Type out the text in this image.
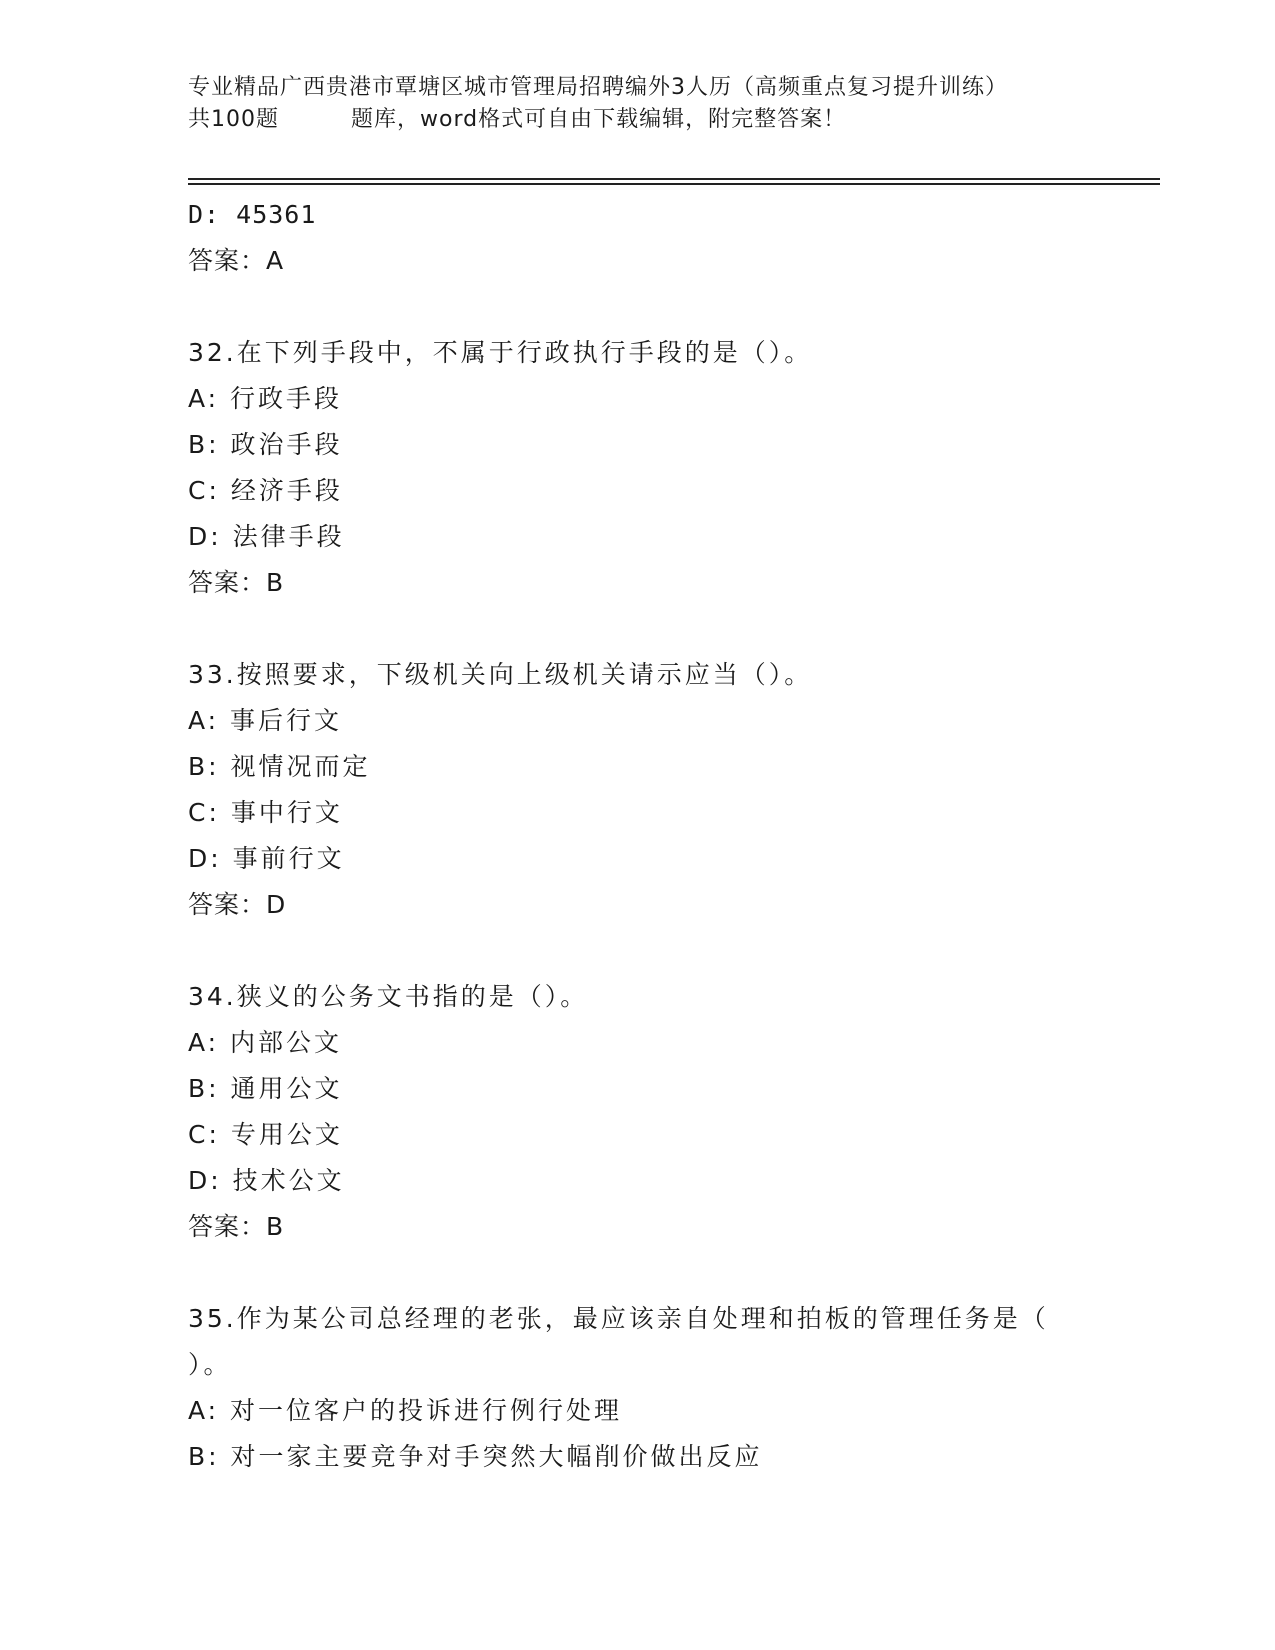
专业精品广西贵港市覃塘区城市管理局招聘编外3人历（高频重点复习提升训练）
共100题	题库，word格式可自由下载编辑，附完整答案！
D: 45361
答案：A
32.在下列手段中，不属于行政执行手段的是（）。
A: 行政手段
B: 政治手段
C: 经济手段
D: 法律手段
答案：B
33.按照要求，下级机关向上级机关请示应当（）。
A: 事后行文
B: 视情况而定
C: 事中行文
D: 事前行文
答案：D
34.狭义的公务文书指的是（）。
A: 内部公文
B: 通用公文
C: 专用公文
D: 技术公文
答案：B
35.作为某公司总经理的老张，最应该亲自处理和拍板的管理任务是（
）。
A: 对一位客户的投诉进行例行处理
B: 对一家主要竞争对手突然大幅削价做出反应
